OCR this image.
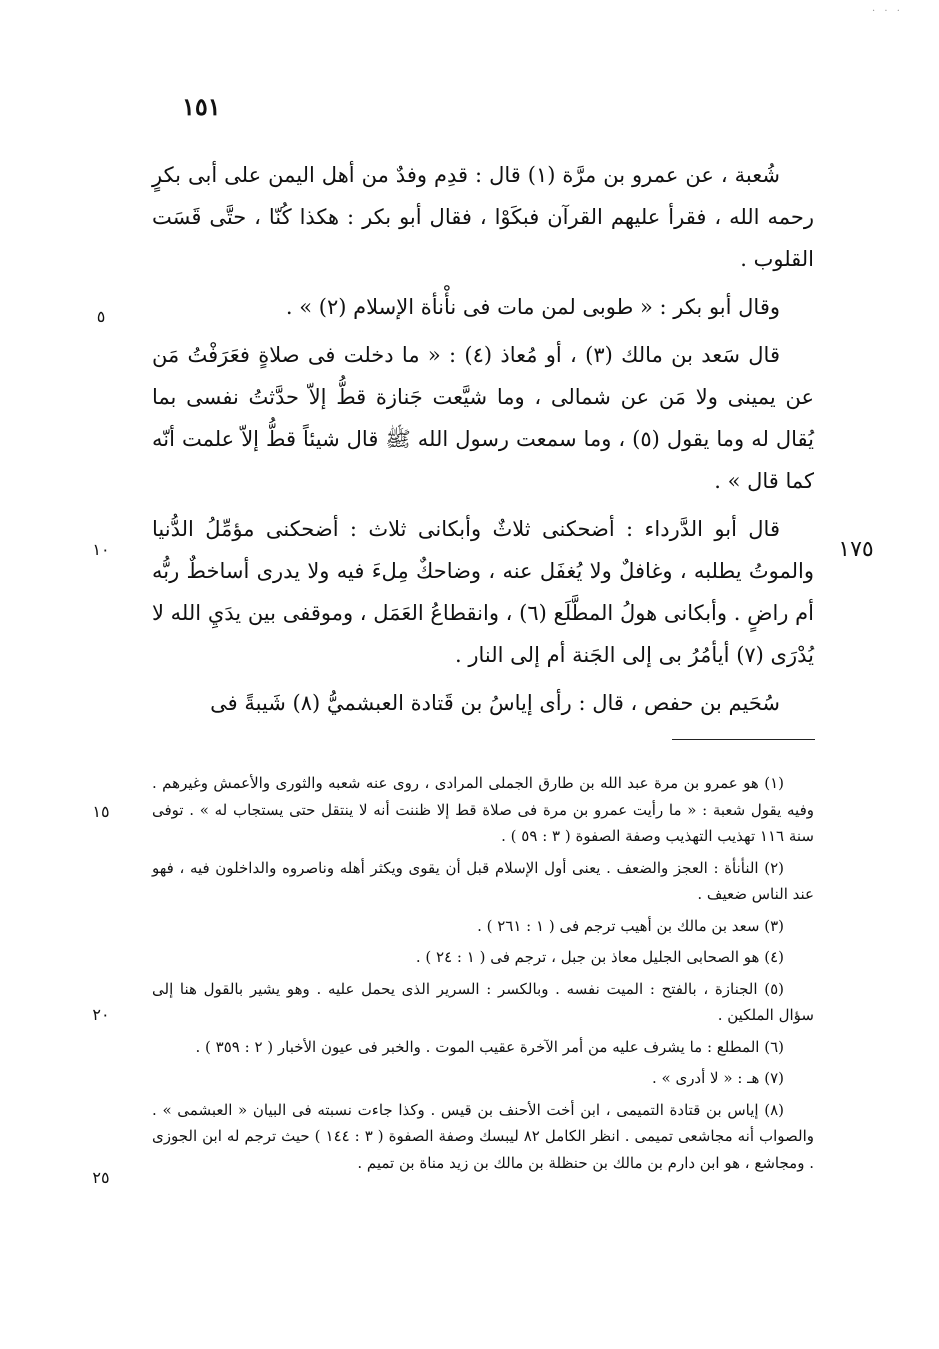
· · ·
١٥١

شُعبة ، عن عمرو بن مرَّة (١) قال : قدِم وفدٌ من أهل اليمن على أبى بكرٍ رحمه الله ، فقرأ عليهم القرآن فبكَوْا ، فقال أبو بكر : هكذا كُنّا ، حتَّى قَسَت القلوب .

وقال أبو بكر : « طوبى لمن مات فى نأْنأة الإسلام (٢) » .

قال سَعد بن مالك (٣) ، أو مُعاذ (٤) : « ما دخلت فى صلاةٍ فعَرَفْتُ مَن عن يمينى ولا مَن عن شمالى ، وما شيَّعت جَنازة قطُّ إلاّ حدَّثتُ نفسى بما يُقال له وما يقول (٥) ، وما سمعت رسول الله ﷺ قال شيئاً قطُّ إلاّ علمت أنّه كما قال » .

قال أبو الدَّرداء : أضحكنى ثلاثٌ وأبكانى ثلاث : أضحكنى مؤمِّلُ الدُّنيا والموتُ يطلبه ، وغافلٌ ولا يُغفَل عنه ، وضاحكٌ مِلءَ فيه ولا يدرى أساخطٌ ربُّه أم راضٍ . وأبكانى هولُ المطَّلَع (٦) ، وانقطاعُ العَمَل ، وموقفى بين يدَيِ الله لا يُدْرَى (٧) أيأمُرُ بى إلى الجَنة أم إلى النار .

سُحَيم بن حفص ، قال : رأى إياسُ بن قَتادة العبشميُّ (٨) شَيبةً فى

٥
١٠
١٥
٢٠
٢٥
١٧٥

(١) هو عمرو بن مرة عبد الله بن طارق الجملى المرادى ، روى عنه شعبه والثورى والأعمش وغيرهم . وفيه يقول شعبة : « ما رأيت عمرو بن مرة فى صلاة قط إلا ظننت أنه لا ينتقل حتى يستجاب له » . توفى سنة ١١٦ تهذيب التهذيب وصفة الصفوة ( ٣ : ٥٩ ) .

(٢) النأنأة : العجز والضعف . يعنى أول الإسلام قبل أن يقوى ويكثر أهله وناصروه والداخلون فيه ، فهو عند الناس ضعيف .

(٣) سعد بن مالك بن أهيب ترجم فى ( ١ : ٢٦١ ) .

(٤) هو الصحابى الجليل معاذ بن جبل ، ترجم فى ( ١ : ٢٤ ) .

(٥) الجنازة ، بالفتح : الميت نفسه . وبالكسر : السرير الذى يحمل عليه . وهو يشير بالقول هنا إلى سؤال الملكين .

(٦) المطلع : ما يشرف عليه من أمر الآخرة عقيب الموت . والخبر فى عيون الأخبار ( ٢ : ٣٥٩ ) .

(٧) هـ : « لا أدرى » .

(٨) إياس بن قتادة التميمى ، ابن أخت الأحنف بن قيس . وكذا جاءت نسبته فى البيان « العبشمى » . والصواب أنه مجاشعى تميمى . انظر الكامل ٨٢ ليبسك وصفة الصفوة ( ٣ : ١٤٤ ) حيث ترجم له ابن الجوزى . ومجاشع ، هو ابن دارم بن مالك بن حنظلة بن مالك بن زيد مناة بن تميم .
